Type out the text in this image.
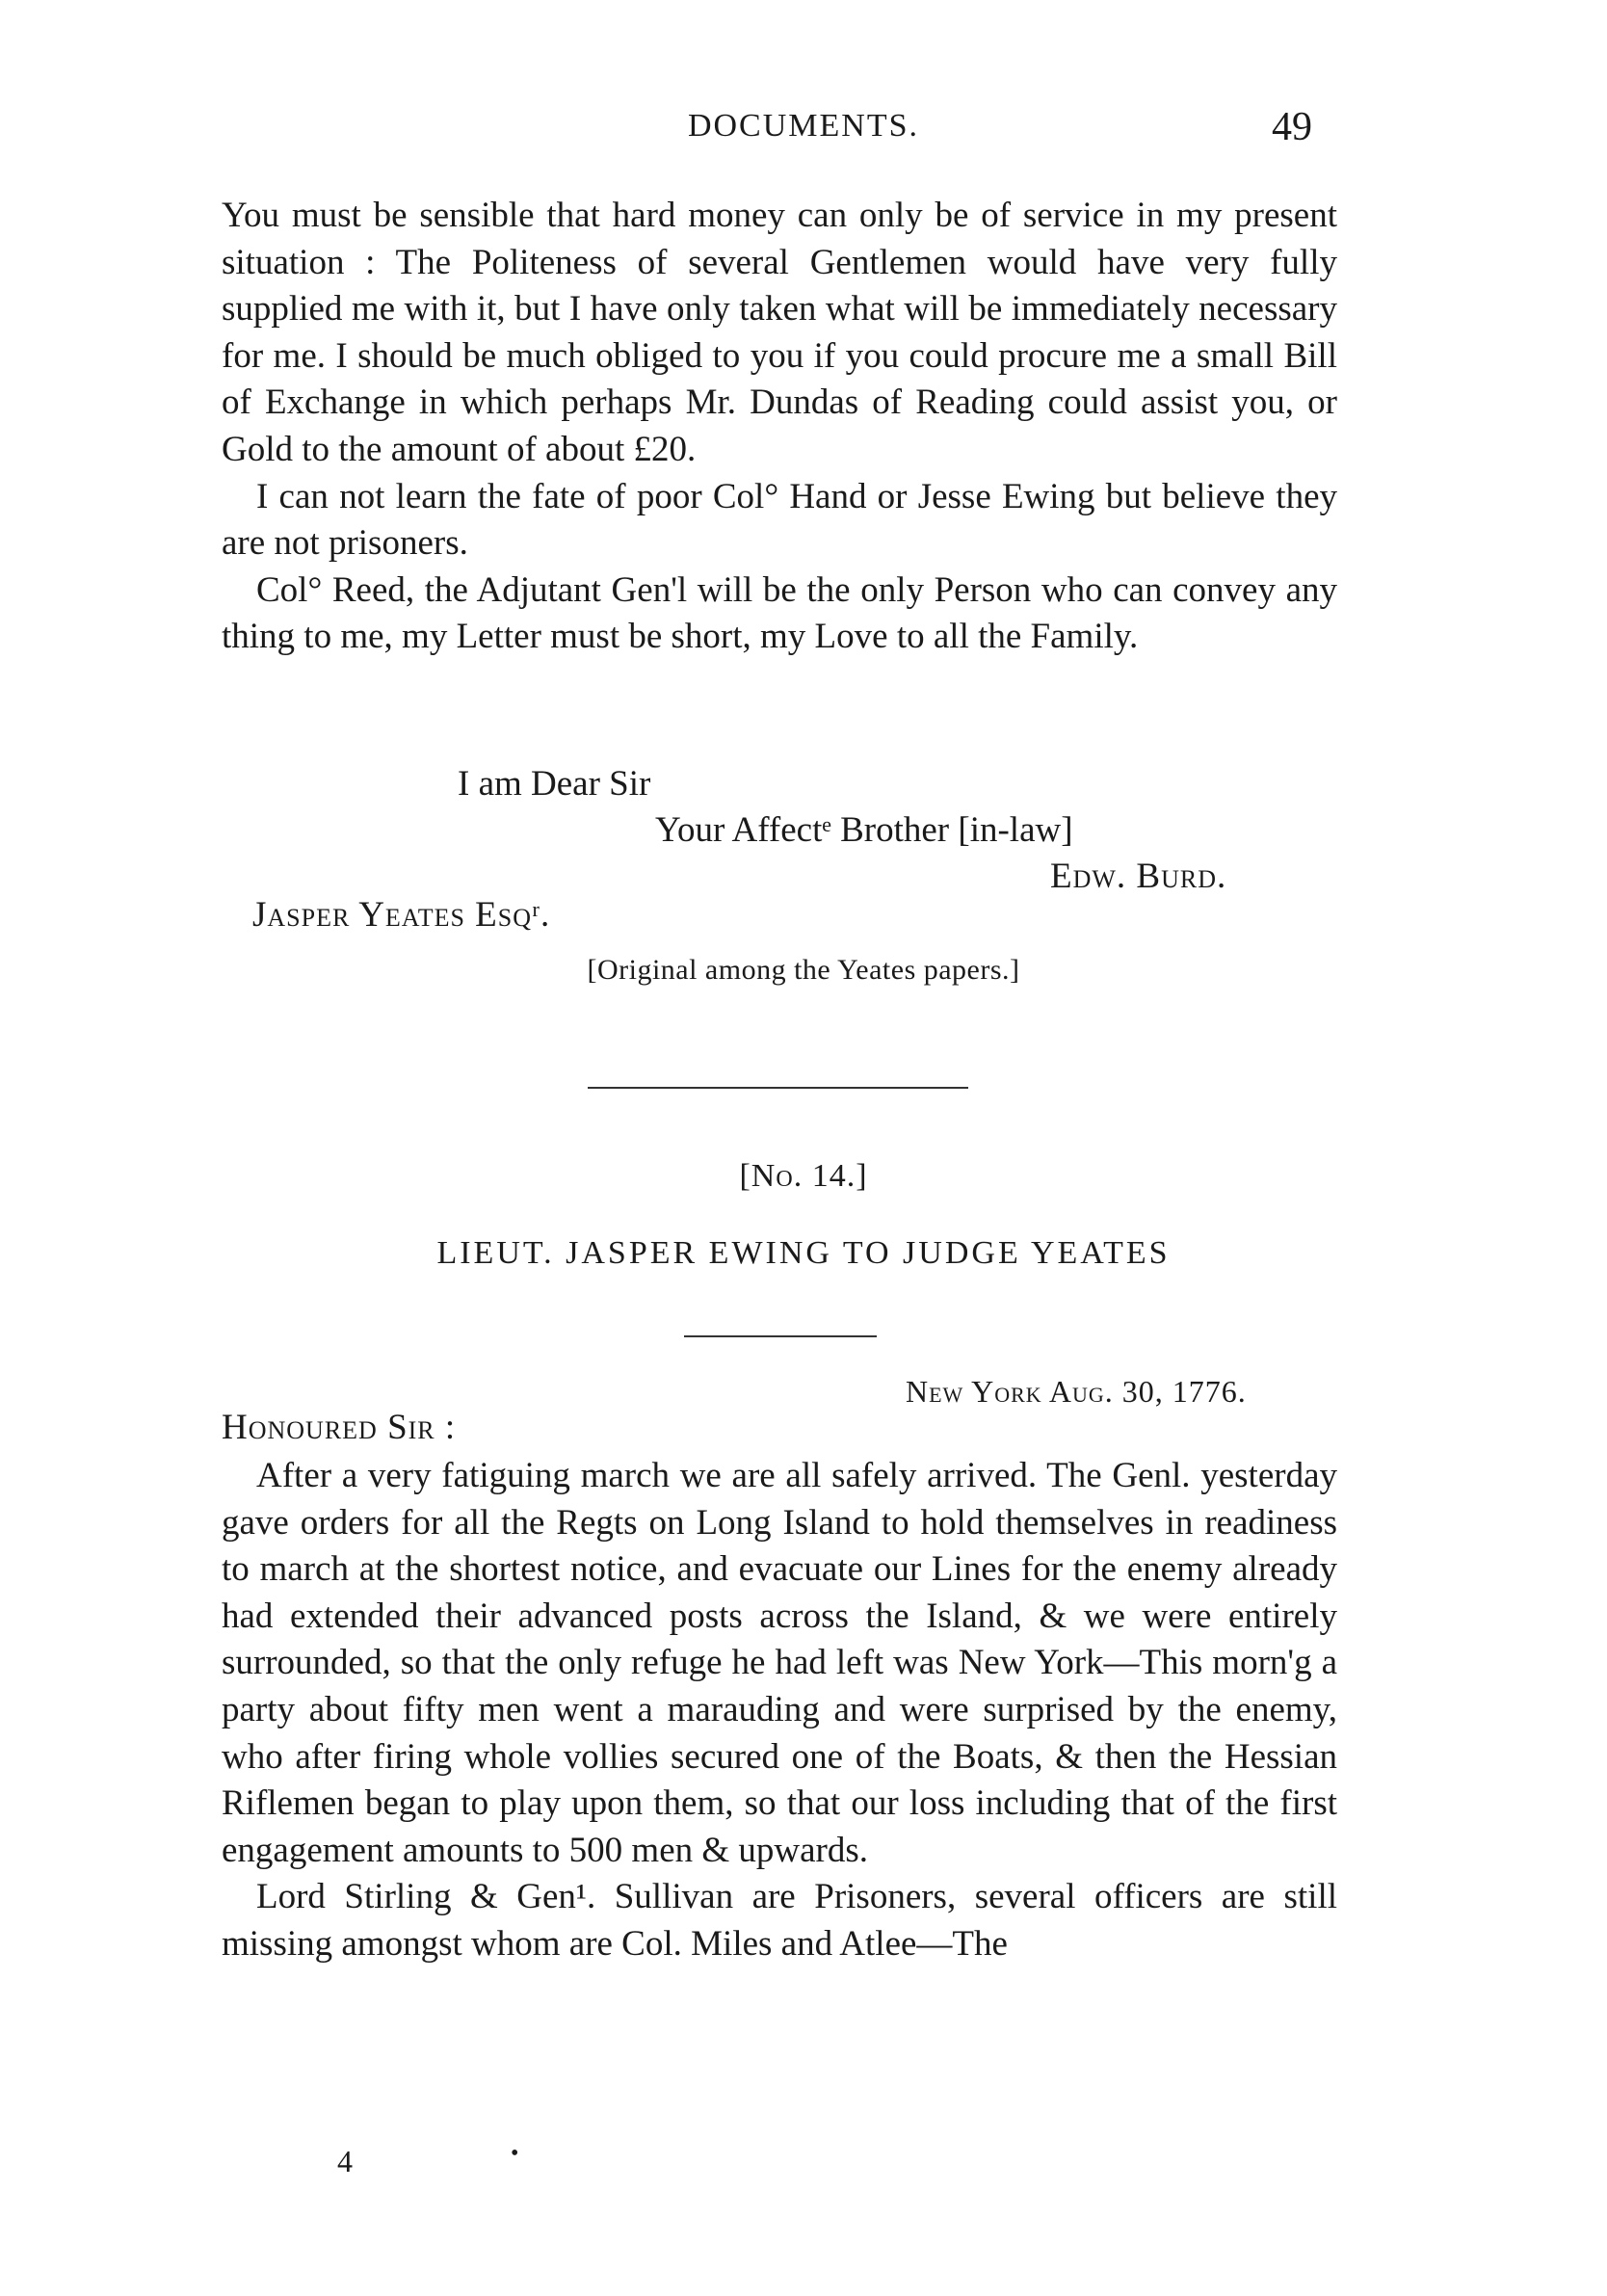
DOCUMENTS.	49

You must be sensible that hard money can only be of service in my present situation : The Politeness of several Gentlemen would have very fully supplied me with it, but I have only taken what will be immediately necessary for me. I should be much obliged to you if you could procure me a small Bill of Exchange in which perhaps Mr. Dundas of Reading could assist you, or Gold to the amount of about £20.

I can not learn the fate of poor Col° Hand or Jesse Ewing but believe they are not prisoners.

Col° Reed, the Adjutant Gen'l will be the only Person who can convey any thing to me, my Letter must be short, my Love to all the Family.

I am Dear Sir
Your Affectᵉ Brother [in-law]
Edw. Burd.
Jasper Yeates Esqʳ.
[Original among the Yeates papers.]
[No. 14.]
LIEUT. JASPER EWING TO JUDGE YEATES
New York Aug. 30, 1776.
Honoured Sir :

After a very fatiguing march we are all safely arrived. The Genl. yesterday gave orders for all the Regts on Long Island to hold themselves in readiness to march at the shortest notice, and evacuate our Lines for the enemy already had extended their advanced posts across the Island, & we were entirely surrounded, so that the only refuge he had left was New York—This morn'g a party about fifty men went a marauding and were surprised by the enemy, who after firing whole vollies secured one of the Boats, & then the Hessian Riflemen began to play upon them, so that our loss including that of the first engagement amounts to 500 men & upwards.

Lord Stirling & Gen¹. Sullivan are Prisoners, several officers are still missing amongst whom are Col. Miles and Atlee—The

4	•
